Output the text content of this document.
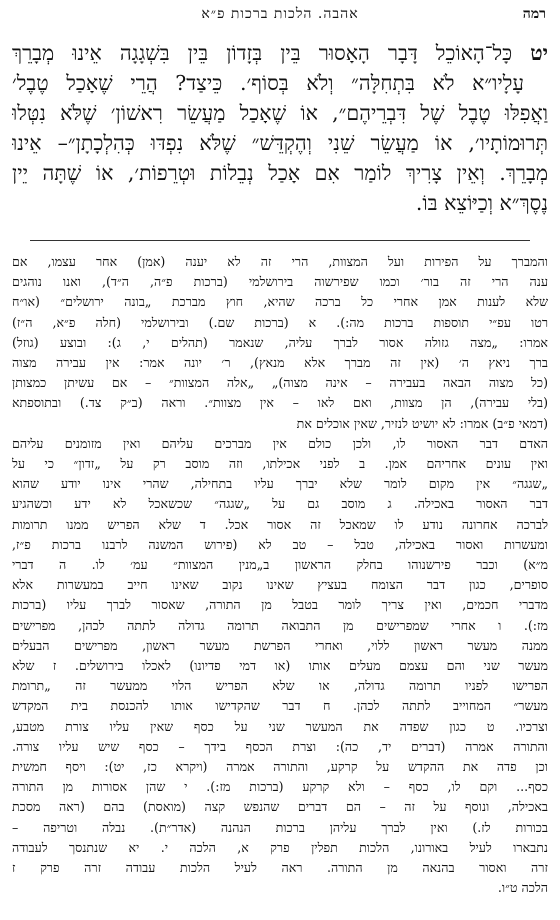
רמה
אהבה. הלכות ברכות פ״א
יט כָּל־הָאוֹכֵל דָּבָר הָאָסוּר בֵּין בְּזָדוֹן בֵּין בִּשְׁגָגָה אֵינוּ מְבָרֵךְ
עָלָיו״א לֹא בִּתְחִלָּה״ וְלֹא בְּסוֹף׳. כֵּיצַד? הֲרֵי שֶׁאָכַל טֶבֶל׳
וַאֲפִלּוּ טֶבֶל שֶׁל דִּבְרֵיהֶם״, אוֹ שֶׁאָכַל מַעֲשֵׂר רִאשׁוֹן׳ שֶׁלֹּא נִטְּלוּ
תְּרוּמוֹתָיו׳, אוֹ מַעֲשֵׂר שֵׁנִי וְהֶקְדֵּשׁ״ שֶׁלֹּא נִפְדּוּ כְּהִלְכָתָן״– אֵינוּ
מְבָרֵךְ. וְאֵין צָרִיךְ לוֹמַר אִם אָכַל נְבֵלוֹת וּטְרֵפוֹת׳, אוֹ שֶׁתָּה יֵין
נֶסֶךְ״א וְכַיּוֹצֵא בּוֹ.
והמברך על הפירות ועל המצוות, הרי זה לא יענה (אמן) אחר עצמו, אם
ענה הרי זה בור׳ וכמו שפירשוה בירושלמי (ברכות פ״ה, ה״ד), ואנו נוהגים
שלא לענות אמן אחרי כל ברכה שהיא, חוץ מברכת „בונה ירושלים״ (או״ח
רטו עפ״י תוספות ברכות מה:). א (ברכות שם.) ובירושלמי (חלה פ״א, ה״ז)
אמרו: „מצה גזולה אסור לברך עליה, שנאמר (תהלים י, ג): ובוצע (גוזל)
ברך ניאץ ה׳ (אין זה מברך אלא מנאץ), ר׳ יונה אמר: אין עבירה מצוה
(כל מצוה הבאה בעבירה – אינה מצוה)„ „אלה המצוות״ – אם עשיתן כמצותן
(בלי עבירה), הן מצוות, ואם לאו – אין מצוות״. וראה (ב״ק צד.) ובתוספתא
(דמאי פ״ב) אמרו: לא יושיט לנזיר, שאין אוכלים את
האדם דבר האסור לו, ולכן כולם אין מברכים עליהם ואין מזומנים עליהם
ואין עונים אחריהם אמן. ב לפני אכילתו, וזה מוסב רק על „זדון״ כי על
„שגגה״ אין מקום לומר שלא יברך עליו בתחילה, שהרי אינו יודע שהוא
דבר האסור באכילה. ג מוסב גם על „שגגה״ שכשאכל לא ידע וכשהגיע
לברכה אחרונה נודע לו שמאכל זה אסור אכל. ד שלא הפריש ממנו תרומות
ומעשרות ואסור באכילה, טבל – טב לא (פירוש המשנה לרבנו ברכות פ״ז,
מ״א) וכבר פירשנוהו בחלק הראשון ב„מנין המצוות״ עמ׳ לו. ה דברי
סופרים, כגון דבר הצומח בעציץ שאינו נקוב שאינו חייב במעשרות אלא
מדברי חכמים, ואין צריך לומר בטבל מן התורה, שאסור לברך עליו (ברכות
מז:). ו אחרי שמפרישים מן התבואה תרומה גדולה לתתה לכהן, מפרישים
ממנה מעשר ראשון ללוי, ואחרי הפרשת מעשר ראשון, מפרישים הבעלים
מעשר שני והם עצמם מעלים אותו (או דמי פדיונו) לאכלו בירושלים. ז שלא
הפרישו לפניו תרומה גדולה, או שלא הפריש הלוי ממעשר זה „תרומת
מעשר״ המחוייב לתתה לכהן. ח דבר שהקדישו אותו להכנסת בית המקדש
וצרכיו. ט כגון שפדה את המעשר שני על כסף שאין עליו צורת מטבע,
והתורה אמרה (דברים יד, כה): וצרת הכסף בידך – כסף שיש עליו צורה.
וכן פדה את ההקדש על קרקע, והתורה אמרה (ויקרא כז, יט): ויסף חמשית
כסף... וקם לו, כסף – ולא קרקע (ברכות מז:). י שהן אסורות מן התורה
באכילה, ונוסף על זה – הם דברים שהנפש קצה (מואסת) בהם (ראה מסכת
בכורות לז.) ואין לברך עליהן ברכות הנהנה (אדר״ת). נבלה וטריפה –
נתבארו לעיל באורונו, הלכות תפלין פרק א, הלכה י. יא שנתנסך לעבודה
זרה ואסור בהנאה מן התורה. ראה לעיל הלכות עבודה זרה פרק ז
הלכה ט״ו.
